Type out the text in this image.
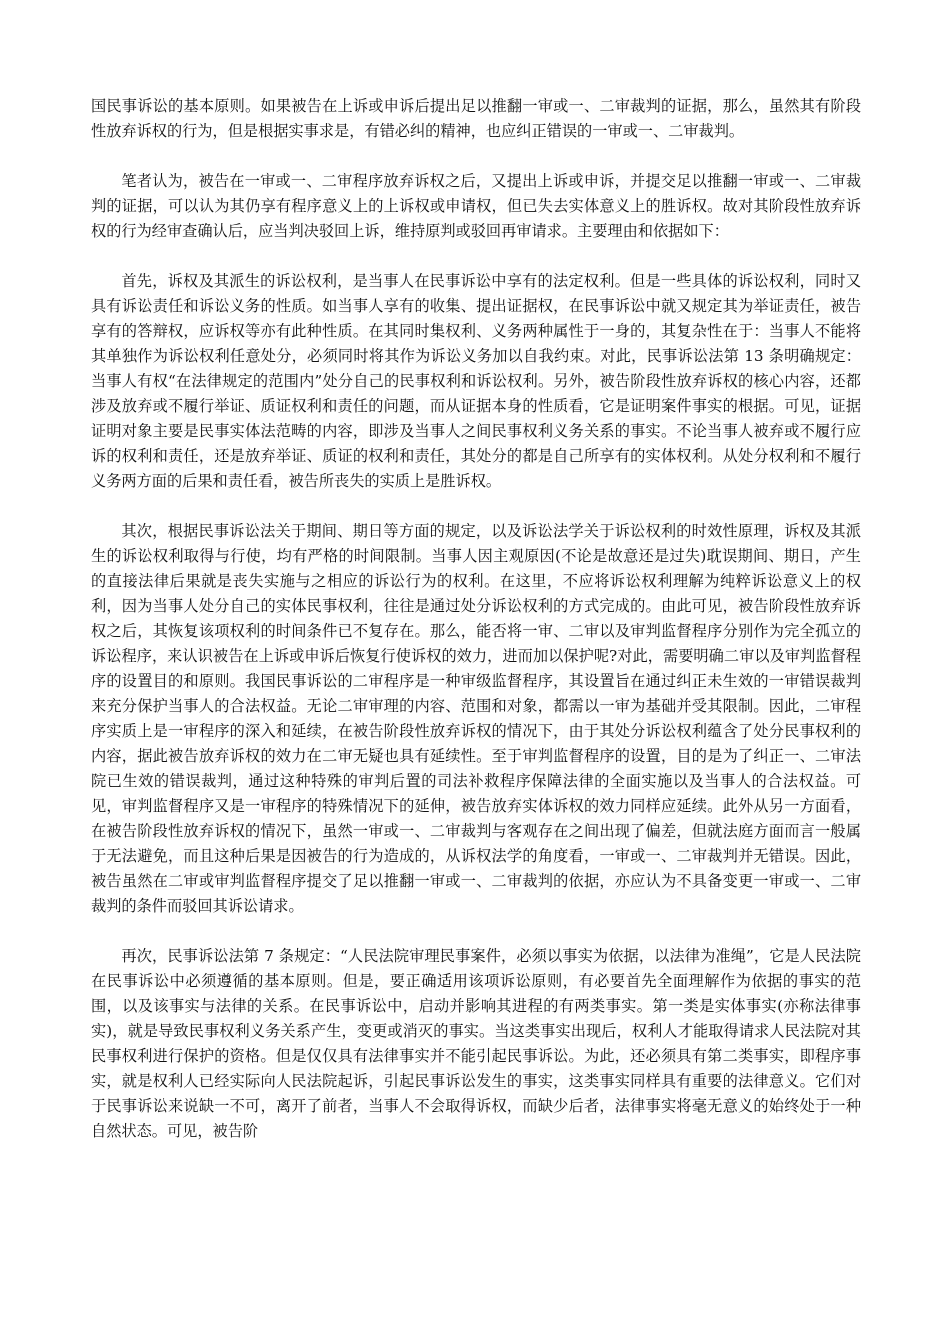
国民事诉讼的基本原则。如果被告在上诉或申诉后提出足以推翻一审或一、二审裁判的证据，那么，虽然其有阶段性放弃诉权的行为，但是根据实事求是，有错必纠的精神，也应纠正错误的一审或一、二审裁判。

笔者认为，被告在一审或一、二审程序放弃诉权之后，又提出上诉或申诉，并提交足以推翻一审或一、二审裁判的证据，可以认为其仍享有程序意义上的上诉权或申请权，但已失去实体意义上的胜诉权。故对其阶段性放弃诉权的行为经审查确认后，应当判决驳回上诉，维持原判或驳回再审请求。主要理由和依据如下：

首先，诉权及其派生的诉讼权利，是当事人在民事诉讼中享有的法定权利。但是一些具体的诉讼权利，同时又具有诉讼责任和诉讼义务的性质。如当事人享有的收集、提出证据权，在民事诉讼中就又规定其为举证责任，被告享有的答辩权，应诉权等亦有此种性质。在其同时集权利、义务两种属性于一身的，其复杂性在于：当事人不能将其单独作为诉讼权利任意处分，必须同时将其作为诉讼义务加以自我约束。对此，民事诉讼法第 13 条明确规定：当事人有权“在法律规定的范围内”处分自己的民事权利和诉讼权利。另外，被告阶段性放弃诉权的核心内容，还都涉及放弃或不履行举证、质证权利和责任的问题，而从证据本身的性质看，它是证明案件事实的根据。可见，证据证明对象主要是民事实体法范畴的内容，即涉及当事人之间民事权利义务关系的事实。不论当事人被弃或不履行应诉的权利和责任，还是放弃举证、质证的权利和责任，其处分的都是自己所享有的实体权利。从处分权利和不履行义务两方面的后果和责任看，被告所丧失的实质上是胜诉权。

其次，根据民事诉讼法关于期间、期日等方面的规定，以及诉讼法学关于诉讼权利的时效性原理，诉权及其派生的诉讼权利取得与行使，均有严格的时间限制。当事人因主观原因(不论是故意还是过失)耽误期间、期日，产生的直接法律后果就是丧失实施与之相应的诉讼行为的权利。在这里，不应将诉讼权利理解为纯粹诉讼意义上的权利，因为当事人处分自己的实体民事权利，往往是通过处分诉讼权利的方式完成的。由此可见，被告阶段性放弃诉权之后，其恢复该项权利的时间条件已不复存在。那么，能否将一审、二审以及审判监督程序分别作为完全孤立的诉讼程序，来认识被告在上诉或申诉后恢复行使诉权的效力，进而加以保护呢?对此，需要明确二审以及审判监督程序的设置目的和原则。我国民事诉讼的二审程序是一种审级监督程序，其设置旨在通过纠正未生效的一审错误裁判来充分保护当事人的合法权益。无论二审审理的内容、范围和对象，都需以一审为基础并受其限制。因此，二审程序实质上是一审程序的深入和延续，在被告阶段性放弃诉权的情况下，由于其处分诉讼权利蕴含了处分民事权利的内容，据此被告放弃诉权的效力在二审无疑也具有延续性。至于审判监督程序的设置，目的是为了纠正一、二审法院已生效的错误裁判，通过这种特殊的审判后置的司法补救程序保障法律的全面实施以及当事人的合法权益。可见，审判监督程序又是一审程序的特殊情况下的延伸，被告放弃实体诉权的效力同样应延续。此外从另一方面看，在被告阶段性放弃诉权的情况下，虽然一审或一、二审裁判与客观存在之间出现了偏差，但就法庭方面而言一般属于无法避免，而且这种后果是因被告的行为造成的，从诉权法学的角度看，一审或一、二审裁判并无错误。因此，被告虽然在二审或审判监督程序提交了足以推翻一审或一、二审裁判的依据，亦应认为不具备变更一审或一、二审裁判的条件而驳回其诉讼请求。

再次，民事诉讼法第 7 条规定：“人民法院审理民事案件，必须以事实为依据，以法律为准绳”，它是人民法院在民事诉讼中必须遵循的基本原则。但是，要正确适用该项诉讼原则，有必要首先全面理解作为依据的事实的范围，以及该事实与法律的关系。在民事诉讼中，启动并影响其进程的有两类事实。第一类是实体事实(亦称法律事实)，就是导致民事权利义务关系产生，变更或消灭的事实。当这类事实出现后，权利人才能取得请求人民法院对其民事权利进行保护的资格。但是仅仅具有法律事实并不能引起民事诉讼。为此，还必须具有第二类事实，即程序事实，就是权利人已经实际向人民法院起诉，引起民事诉讼发生的事实，这类事实同样具有重要的法律意义。它们对于民事诉讼来说缺一不可，离开了前者，当事人不会取得诉权，而缺少后者，法律事实将毫无意义的始终处于一种自然状态。可见，被告阶
